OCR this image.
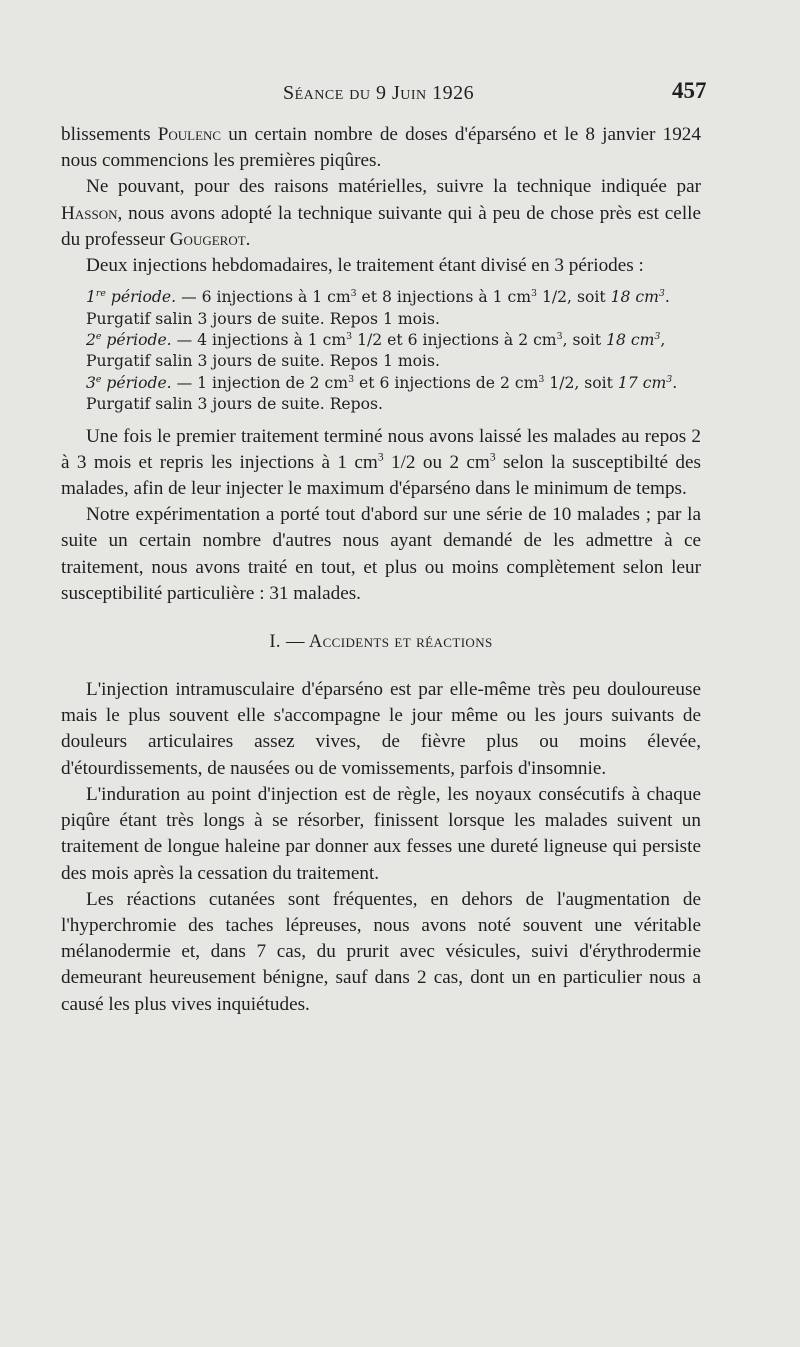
Séance du 9 Juin 1926	457

blissements Poulenc un certain nombre de doses d'éparséno et le 8 janvier 1924 nous commencions les premières piqûres.

Ne pouvant, pour des raisons matérielles, suivre la technique indiquée par Hasson, nous avons adopté la technique suivante qui à peu de chose près est celle du professeur Gougerot.

Deux injections hebdomadaires, le traitement étant divisé en 3 périodes :

1re période. — 6 injections à 1 $cm^3$ et 8 injections à 1 $cm^3$ 1/2, soit 18 $cm^3$.

Purgatif salin 3 jours de suite. Repos 1 mois.

2e période. — 4 injections à 1 $cm^3$ 1/2 et 6 injections à 2 $cm^3$, soit 18 $cm^3$,

Purgatif salin 3 jours de suite. Repos 1 mois.

3e période. — 1 injection de 2 $cm^3$ et 6 injections de 2 $cm^3$ 1/2, soit 17 $cm^3$.

Purgatif salin 3 jours de suite. Repos.

Une fois le premier traitement terminé nous avons laissé les malades au repos 2 à 3 mois et repris les injections à 1 $cm^3$ 1/2 ou 2 $cm^3$ selon la susceptibilté des malades, afin de leur injecter le maximum d'éparséno dans le minimum de temps.

Notre expérimentation a porté tout d'abord sur une série de 10 malades ; par la suite un certain nombre d'autres nous ayant demandé de les admettre à ce traitement, nous avons traité en tout, et plus ou moins complètement selon leur susceptibilité particulière : 31 malades.

I. — Accidents et réactions

L'injection intramusculaire d'éparséno est par elle-même très peu douloureuse mais le plus souvent elle s'accompagne le jour même ou les jours suivants de douleurs articulaires assez vives, de fièvre plus ou moins élevée, d'étourdissements, de nausées ou de vomissements, parfois d'insomnie.

L'induration au point d'injection est de règle, les noyaux consécutifs à chaque piqûre étant très longs à se résorber, finissent lorsque les malades suivent un traitement de longue haleine par donner aux fesses une dureté ligneuse qui persiste des mois après la cessation du traitement.

Les réactions cutanées sont fréquentes, en dehors de l'augmentation de l'hyperchromie des taches lépreuses, nous avons noté souvent une véritable mélanodermie et, dans 7 cas, du prurit avec vésicules, suivi d'érythrodermie demeurant heureusement bénigne, sauf dans 2 cas, dont un en particulier nous a causé les plus vives inquiétudes.
